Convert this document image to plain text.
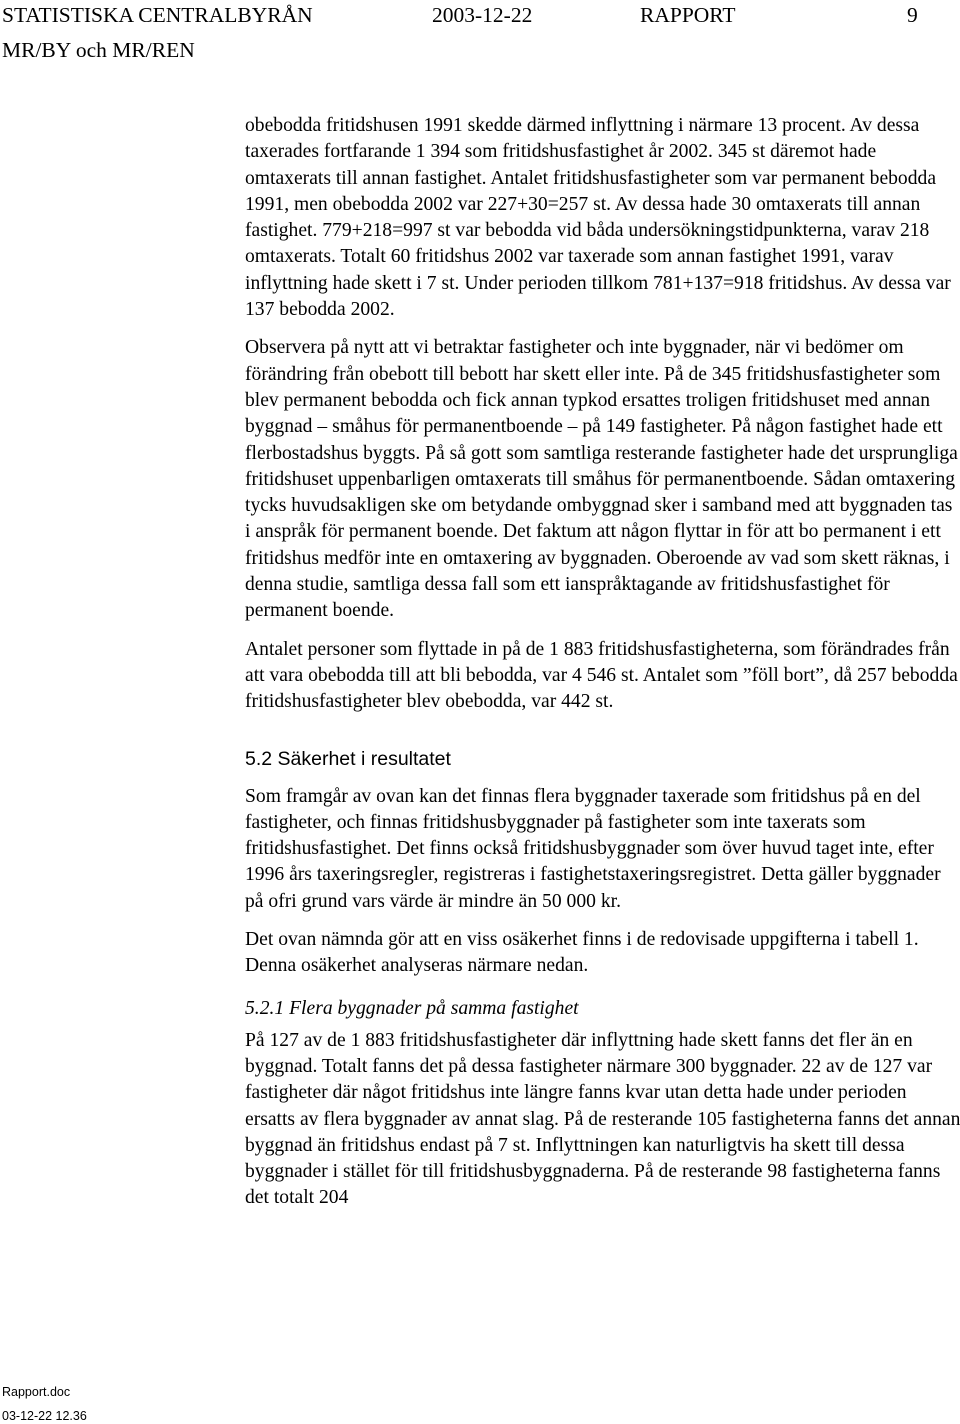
STATISTISKA CENTRALBYRÅN	2003-12-22	RAPPORT	9
MR/BY och MR/REN

obebodda fritidshusen 1991 skedde därmed inflyttning i närmare 13 procent. Av dessa taxerades fortfarande 1 394 som fritidshusfastighet år 2002. 345 st däremot hade omtaxerats till annan fastighet. Antalet fritidshusfastigheter som var permanent bebodda 1991, men obebodda 2002 var 227+30=257 st. Av dessa hade 30 omtaxerats till annan fastighet. 779+218=997 st var bebodda vid båda undersökningstidpunkterna, varav 218 omtaxerats. Totalt 60 fritidshus 2002 var taxerade som annan fastighet 1991, varav inflyttning hade skett i 7 st. Under perioden tillkom 781+137=918 fritidshus. Av dessa var 137 bebodda 2002.

Observera på nytt att vi betraktar fastigheter och inte byggnader, när vi bedömer om förändring från obebott till bebott har skett eller inte. På de 345 fritidshusfastigheter som blev permanent bebodda och fick annan typkod ersattes troligen fritidshuset med annan byggnad – småhus för permanentboende – på 149 fastigheter. På någon fastighet hade ett flerbostadshus byggts. På så gott som samtliga resterande fastigheter hade det ursprungliga fritidshuset uppenbarligen omtaxerats till småhus för permanentboende. Sådan omtaxering tycks huvudsakligen ske om betydande ombyggnad sker i samband med att byggnaden tas i anspråk för permanent boende. Det faktum att någon flyttar in för att bo permanent i ett fritidshus medför inte en omtaxering av byggnaden. Oberoende av vad som skett räknas, i denna studie, samtliga dessa fall som ett ianspråktagande av fritidshusfastighet för permanent boende.

Antalet personer som flyttade in på de 1 883 fritidshusfastigheterna, som förändrades från att vara obebodda till att bli bebodda, var 4 546 st. Antalet som ”föll bort”, då 257 bebodda fritidshusfastigheter blev obebodda, var 442 st.

5.2 Säkerhet i resultatet

Som framgår av ovan kan det finnas flera byggnader taxerade som fritidshus på en del fastigheter, och finnas fritidshusbyggnader på fastigheter som inte taxerats som fritidshusfastighet. Det finns också fritidshusbyggnader som över huvud taget inte, efter 1996 års taxeringsregler, registreras i fastighetstaxeringsregistret. Detta gäller byggnader på ofri grund vars värde är mindre än 50 000 kr.

Det ovan nämnda gör att en viss osäkerhet finns i de redovisade uppgifterna i tabell 1. Denna osäkerhet analyseras närmare nedan.

5.2.1 Flera byggnader på samma fastighet

På 127 av de 1 883 fritidshusfastigheter där inflyttning hade skett fanns det fler än en byggnad. Totalt fanns det på dessa fastigheter närmare 300 byggnader. 22 av de 127 var fastigheter där något fritidshus inte längre fanns kvar utan detta hade under perioden ersatts av flera byggnader av annat slag. På de resterande 105 fastigheterna fanns det annan byggnad än fritidshus endast på 7 st. Inflyttningen kan naturligtvis ha skett till dessa byggnader i stället för till fritidshusbyggnaderna. På de resterande 98 fastigheterna fanns det totalt 204

Rapport.doc
03-12-22 12.36
